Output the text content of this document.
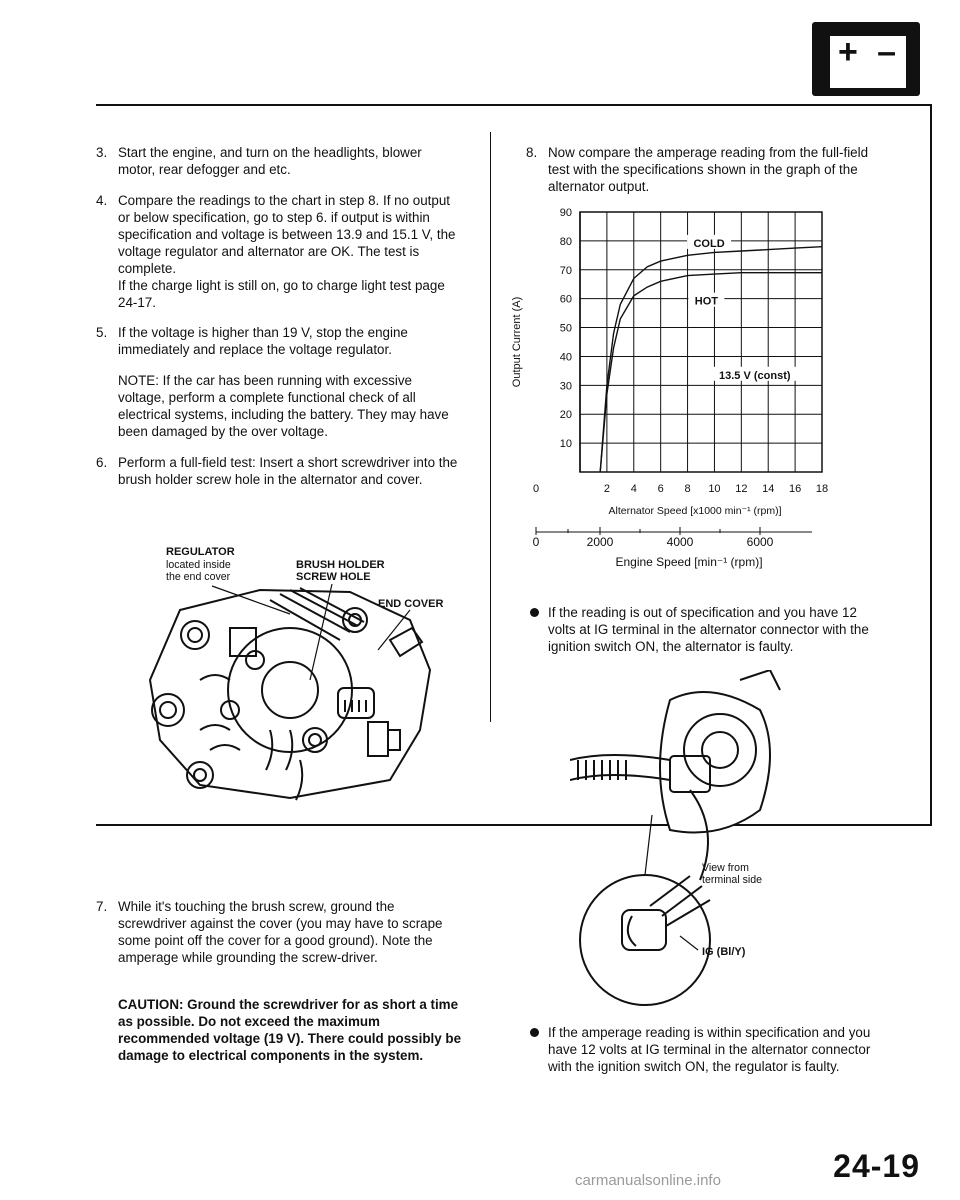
+ –
3. Start the engine, and turn on the headlights, blower motor, rear defogger and etc.
4. Compare the readings to the chart in step 8. If no output or below specification, go to step 6. if output is within specification and voltage is between 13.9 and 15.1 V, the voltage regulator and alternator are OK. The test is complete.
If the charge light is still on, go to charge light test page 24-17.
5. If the voltage is higher than 19 V, stop the engine immediately and replace the voltage regulator.
NOTE: If the car has been running with excessive voltage, perform a complete functional check of all electrical systems, including the battery. They may have been damaged by the over voltage.
6. Perform a full-field test: Insert a short screwdriver into the brush holder screw hole in the alternator and cover.
REGULATOR
located inside
the end cover
BRUSH HOLDER
SCREW HOLE
END COVER
7. While it's touching the brush screw, ground the screwdriver against the cover (you may have to scrape some point off the cover for a good ground). Note the amperage while grounding the screw-driver.
CAUTION: Ground the screwdriver for as short a time as possible. Do not exceed the maximum recommended voltage (19 V). There could possibly be damage to electrical components in the system.
8. Now compare the amperage reading from the full-field test with the specifications shown in the graph of the alternator output.
10
20
30
40
50
60
70
80
90
0	2 4 6 8 10 12 14 16 18
Output Current (A)
Alternator Speed [x1000 min⁻¹ (rpm)]
0	2000	4000	6000
Engine Speed [min⁻¹ (rpm)]
COLD
HOT
13.5 V (const)
If the reading is out of specification and you have 12 volts at IG terminal in the alternator connector with the ignition switch ON, the alternator is faulty.
View from
terminal side
IG (Bl/Y)
If the amperage reading is within specification and you have 12 volts at IG terminal in the alternator connector with the ignition switch ON, the regulator is faulty.
24-19
carmanualsonline.info
